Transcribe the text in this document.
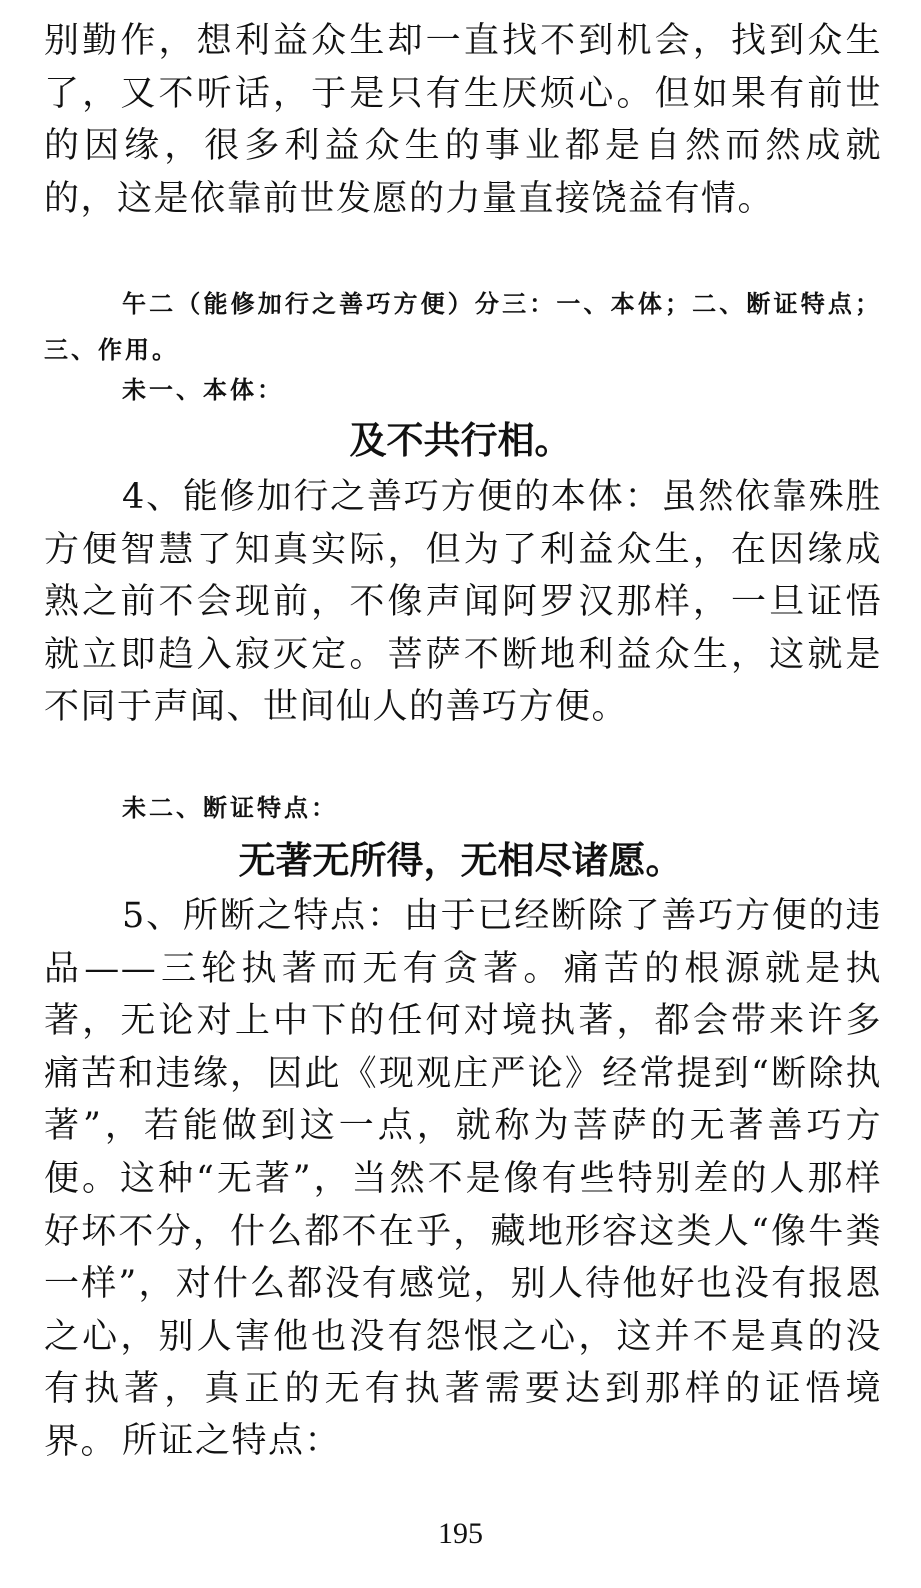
别勤作，想利益众生却一直找不到机会，找到众生了，又不听话，于是只有生厌烦心。但如果有前世的因缘，很多利益众生的事业都是自然而然成就的，这是依靠前世发愿的力量直接饶益有情。

午二（能修加行之善巧方便）分三：一、本体；二、断证特点；三、作用。

未一、本体：

及不共行相。

4、能修加行之善巧方便的本体：虽然依靠殊胜方便智慧了知真实际，但为了利益众生，在因缘成熟之前不会现前，不像声闻阿罗汉那样，一旦证悟就立即趋入寂灭定。菩萨不断地利益众生，这就是不同于声闻、世间仙人的善巧方便。

未二、断证特点：

无著无所得，无相尽诸愿。

5、所断之特点：由于已经断除了善巧方便的违品——三轮执著而无有贪著。痛苦的根源就是执著，无论对上中下的任何对境执著，都会带来许多痛苦和违缘，因此《现观庄严论》经常提到“断除执著”，若能做到这一点，就称为菩萨的无著善巧方便。这种“无著”，当然不是像有些特别差的人那样好坏不分，什么都不在乎，藏地形容这类人“像牛粪一样”，对什么都没有感觉，别人待他好也没有报恩之心，别人害他也没有怨恨之心，这并不是真的没有执著，真正的无有执著需要达到那样的证悟境界。 所证之特点：

195
